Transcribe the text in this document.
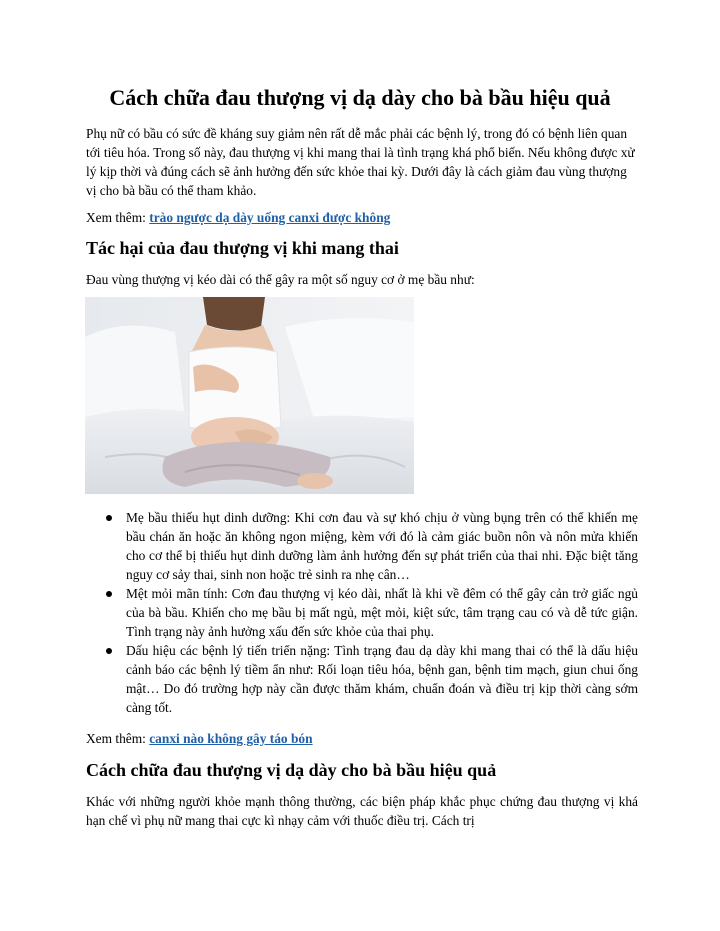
Cách chữa đau thượng vị dạ dày cho bà bầu hiệu quả

Phụ nữ có bầu có sức đề kháng suy giảm nên rất dễ mắc phải các bệnh lý, trong đó có bệnh liên quan tới tiêu hóa. Trong số này, đau thượng vị khi mang thai là tình trạng khá phổ biến. Nếu không được xử lý kịp thời và đúng cách sẽ ảnh hưởng đến sức khỏe thai kỳ. Dưới đây là cách giảm đau vùng thượng vị cho bà bầu có thể tham khảo.

Xem thêm: trào ngược dạ dày uống canxi được không

Tác hại của đau thượng vị khi mang thai

Đau vùng thượng vị kéo dài có thể gây ra một số nguy cơ ở mẹ bầu như:

Mẹ bầu thiếu hụt dinh dưỡng: Khi cơn đau và sự khó chịu ở vùng bụng trên có thể khiến mẹ bầu chán ăn hoặc ăn không ngon miệng, kèm với đó là cảm giác buồn nôn và nôn mửa khiến cho cơ thể bị thiếu hụt dinh dưỡng làm ảnh hưởng đến sự phát triển của thai nhi. Đặc biệt tăng nguy cơ sảy thai, sinh non hoặc trẻ sinh ra nhẹ cân…
Mệt mỏi mãn tính: Cơn đau thượng vị kéo dài, nhất là khi về đêm có thể gây cản trở giấc ngủ của bà bầu. Khiến cho mẹ bầu bị mất ngủ, mệt mỏi, kiệt sức, tâm trạng cau có và dễ tức giận. Tình trạng này ảnh hưởng xấu đến sức khỏe của thai phụ.
Dấu hiệu các bệnh lý tiến triển nặng: Tình trạng đau dạ dày khi mang thai có thể là dấu hiệu cảnh báo các bệnh lý tiềm ẩn như: Rối loạn tiêu hóa, bệnh gan, bệnh tim mạch, giun chui ống mật… Do đó trường hợp này cần được thăm khám, chuẩn đoán và điều trị kịp thời càng sớm càng tốt.

Xem thêm: canxi nào không gây táo bón

Cách chữa đau thượng vị dạ dày cho bà bầu hiệu quả

Khác với những người khỏe mạnh thông thường, các biện pháp khắc phục chứng đau thượng vị khá hạn chế vì phụ nữ mang thai cực kì nhạy cảm với thuốc điều trị. Cách trị
